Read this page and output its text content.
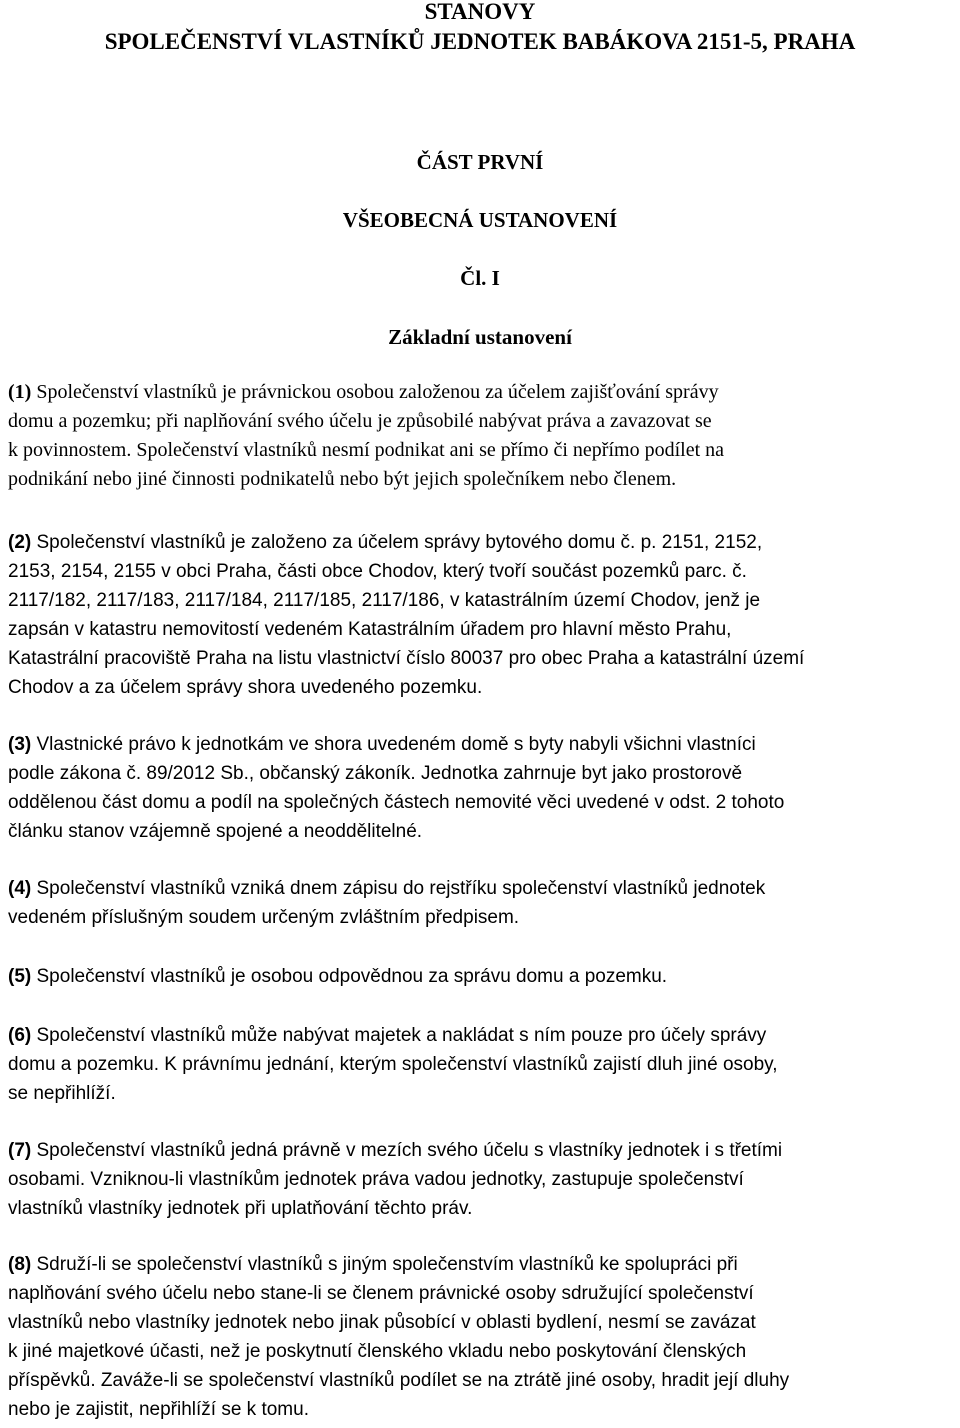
STANOVY
SPOLEČENSTVÍ VLASTNÍKŮ JEDNOTEK BABÁKOVA 2151-5, PRAHA
ČÁST PRVNÍ
VŠEOBECNÁ USTANOVENÍ
Čl. I
Základní ustanovení
(1) Společenství vlastníků je právnickou osobou založenou za účelem zajišťování správy
domu a pozemku; při naplňování svého účelu je způsobilé nabývat práva a zavazovat se
k povinnostem. Společenství vlastníků nesmí podnikat ani se přímo či nepřímo podílet na
podnikání nebo jiné činnosti podnikatelů nebo být jejich společníkem nebo členem.
(2) Společenství vlastníků je založeno za účelem správy bytového domu č. p. 2151, 2152,
2153, 2154, 2155 v obci Praha, části obce Chodov, který tvoří součást pozemků parc. č.
2117/182, 2117/183, 2117/184, 2117/185, 2117/186, v katastrálním území Chodov, jenž je
zapsán v katastru nemovitostí vedeném Katastrálním úřadem pro hlavní město Prahu,
Katastrální pracoviště Praha na listu vlastnictví číslo 80037 pro obec Praha a katastrální území
Chodov a za účelem správy shora uvedeného pozemku.
(3) Vlastnické právo k jednotkám ve shora uvedeném domě s byty nabyli všichni vlastníci
podle zákona č. 89/2012 Sb., občanský zákoník. Jednotka zahrnuje byt jako prostorově
oddělenou část domu a podíl na společných částech nemovité věci uvedené v odst. 2 tohoto
článku stanov vzájemně spojené a neoddělitelné.
(4) Společenství vlastníků vzniká dnem zápisu do rejstříku společenství vlastníků jednotek
vedeném příslušným soudem určeným zvláštním předpisem.
(5) Společenství vlastníků je osobou odpovědnou za správu domu a pozemku.
(6) Společenství vlastníků může nabývat majetek a nakládat s ním pouze pro účely správy
domu a pozemku. K právnímu jednání, kterým společenství vlastníků zajistí dluh jiné osoby,
se nepřihlíží.
(7) Společenství vlastníků jedná právně v mezích svého účelu s vlastníky jednotek i s třetími
osobami. Vzniknou-li vlastníkům jednotek práva vadou jednotky, zastupuje společenství
vlastníků vlastníky jednotek při uplatňování těchto práv.
(8) Sdruží-li se společenství vlastníků s jiným společenstvím vlastníků ke spolupráci při
naplňování svého účelu nebo stane-li se členem právnické osoby sdružující společenství
vlastníků nebo vlastníky jednotek nebo jinak působící v oblasti bydlení, nesmí se zavázat
k jiné majetkové účasti, než je poskytnutí členského vkladu nebo poskytování členských
příspěvků. Zaváže-li se společenství vlastníků podílet se na ztrátě jiné osoby, hradit její dluhy
nebo je zajistit, nepřihlíží se k tomu.
